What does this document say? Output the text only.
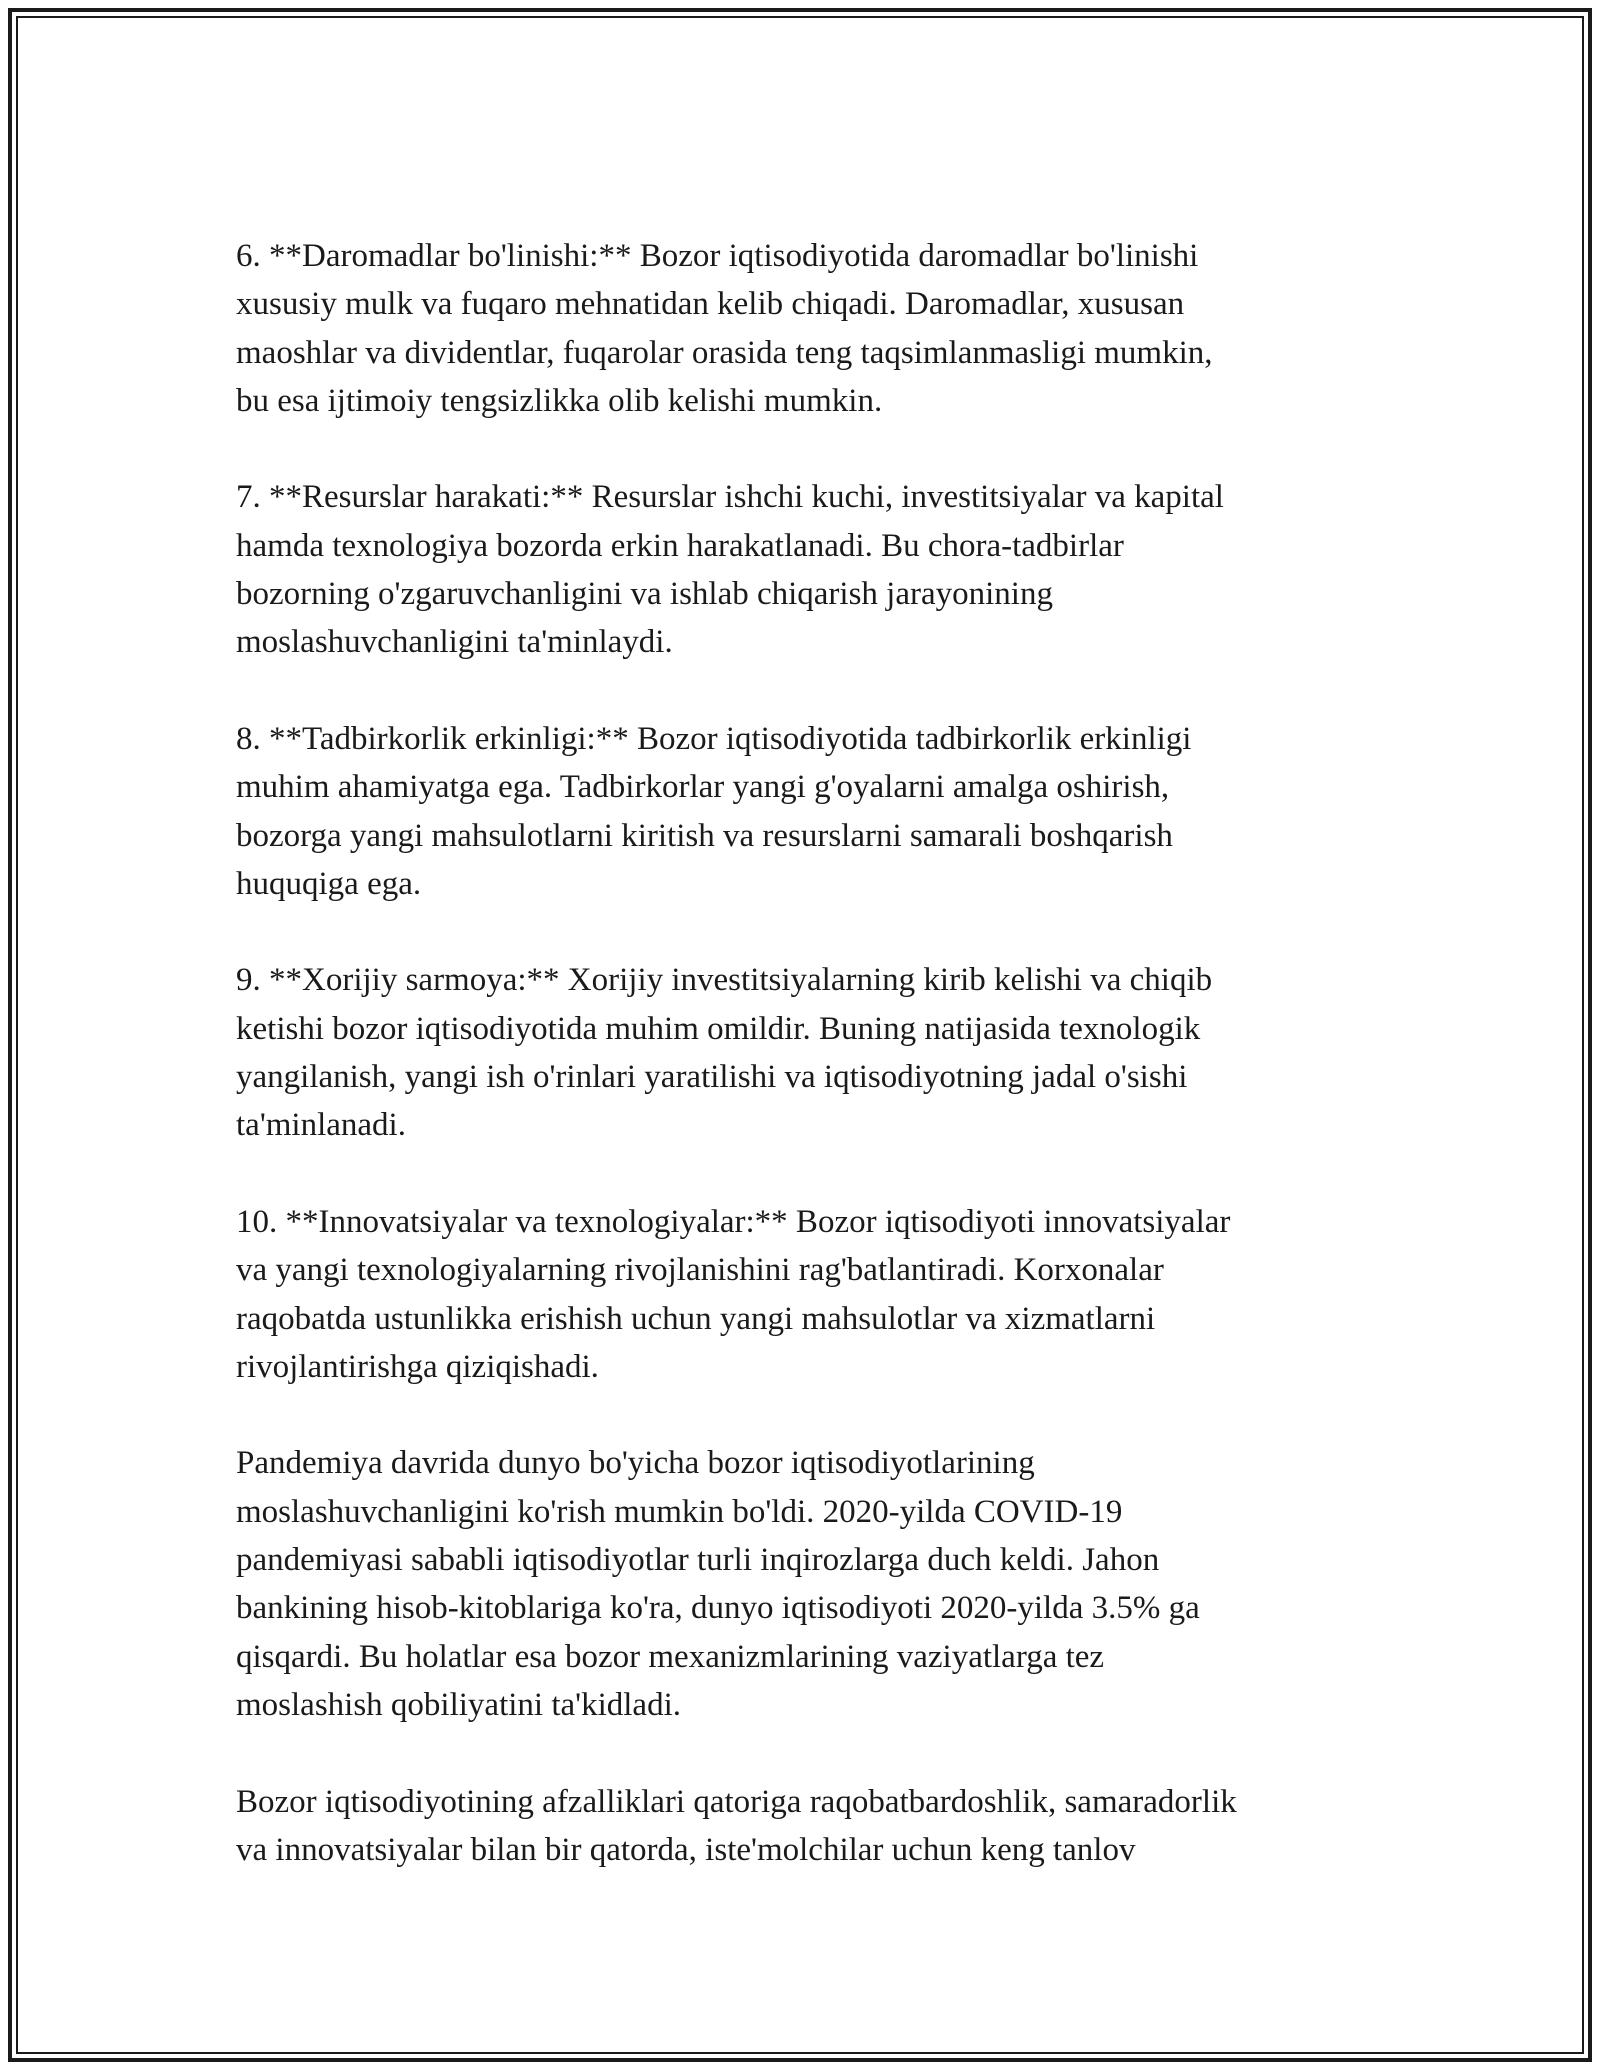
6. **Daromadlar bo'linishi:** Bozor iqtisodiyotida daromadlar bo'linishi
xususiy mulk va fuqaro mehnatidan kelib chiqadi. Daromadlar, xususan
maoshlar va dividentlar, fuqarolar orasida teng taqsimlanmasligi mumkin,
bu esa ijtimoiy tengsizlikka olib kelishi mumkin.

7. **Resurslar harakati:** Resurslar ishchi kuchi, investitsiyalar va kapital
hamda texnologiya bozorda erkin harakatlanadi. Bu chora-tadbirlar
bozorning o'zgaruvchanligini va ishlab chiqarish jarayonining
moslashuvchanligini ta'minlaydi.

8. **Tadbirkorlik erkinligi:** Bozor iqtisodiyotida tadbirkorlik erkinligi
muhim ahamiyatga ega. Tadbirkorlar yangi g'oyalarni amalga oshirish,
bozorga yangi mahsulotlarni kiritish va resurslarni samarali boshqarish
huquqiga ega.

9. **Xorijiy sarmoya:** Xorijiy investitsiyalarning kirib kelishi va chiqib
ketishi bozor iqtisodiyotida muhim omildir. Buning natijasida texnologik
yangilanish, yangi ish o'rinlari yaratilishi va iqtisodiyotning jadal o'sishi
ta'minlanadi.

10. **Innovatsiyalar va texnologiyalar:** Bozor iqtisodiyoti innovatsiyalar
va yangi texnologiyalarning rivojlanishini rag'batlantiradi. Korxonalar
raqobatda ustunlikka erishish uchun yangi mahsulotlar va xizmatlarni
rivojlantirishga qiziqishadi.

Pandemiya davrida dunyo bo'yicha bozor iqtisodiyotlarining
moslashuvchanligini ko'rish mumkin bo'ldi. 2020-yilda COVID-19
pandemiyasi sababli iqtisodiyotlar turli inqirozlarga duch keldi. Jahon
bankining hisob-kitoblariga ko'ra, dunyo iqtisodiyoti 2020-yilda 3.5% ga
qisqardi. Bu holatlar esa bozor mexanizmlarining vaziyatlarga tez
moslashish qobiliyatini ta'kidladi.

Bozor iqtisodiyotining afzalliklari qatoriga raqobatbardoshlik, samaradorlik
va innovatsiyalar bilan bir qatorda, iste'molchilar uchun keng tanlov
